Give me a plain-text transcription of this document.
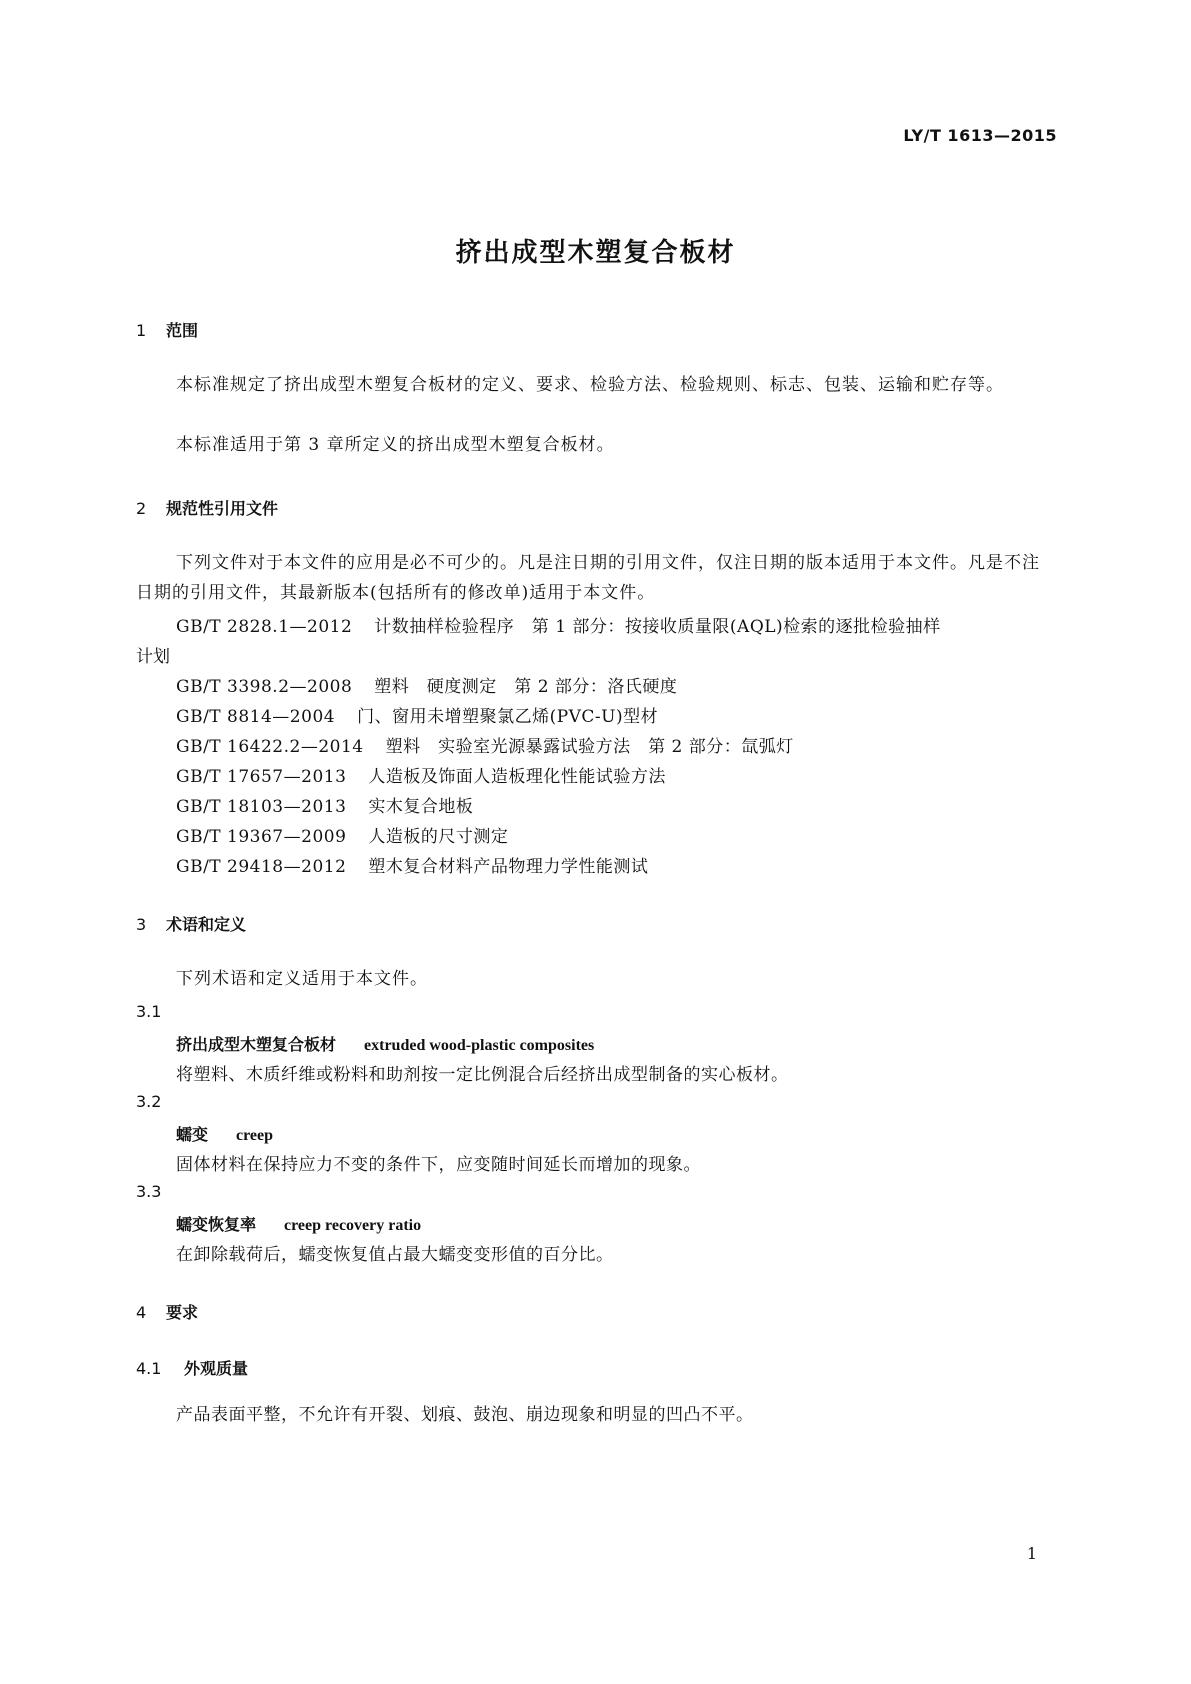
LY/T 1613—2015
挤出成型木塑复合板材
1 范围

本标准规定了挤出成型木塑复合板材的定义、要求、检验方法、检验规则、标志、包装、运输和贮存等。

本标准适用于第 3 章所定义的挤出成型木塑复合板材。

2 规范性引用文件

下列文件对于本文件的应用是必不可少的。凡是注日期的引用文件，仅注日期的版本适用于本文件。凡是不注日期的引用文件，其最新版本(包括所有的修改单)适用于本文件。

GB/T 2828.1—2012 计数抽样检验程序　第 1 部分：按接收质量限(AQL)检索的逐批检验抽样
计划
GB/T 3398.2—2008 塑料　硬度测定　第 2 部分：洛氏硬度
GB/T 8814—2004 门、窗用未增塑聚氯乙烯(PVC-U)型材
GB/T 16422.2—2014 塑料　实验室光源暴露试验方法　第 2 部分：氙弧灯
GB/T 17657—2013 人造板及饰面人造板理化性能试验方法
GB/T 18103—2013 实木复合地板
GB/T 19367—2009 人造板的尺寸测定
GB/T 29418—2012 塑木复合材料产品物理力学性能测试
3 术语和定义

下列术语和定义适用于本文件。

3.1
挤出成型木塑复合板材 extruded wood-plastic composites
将塑料、木质纤维或粉料和助剂按一定比例混合后经挤出成型制备的实心板材。
3.2
蠕变 creep
固体材料在保持应力不变的条件下，应变随时间延长而增加的现象。
3.3
蠕变恢复率 creep recovery ratio
在卸除载荷后，蠕变恢复值占最大蠕变变形值的百分比。
4 要求
4.1 外观质量
产品表面平整，不允许有开裂、划痕、鼓泡、崩边现象和明显的凹凸不平。
1
